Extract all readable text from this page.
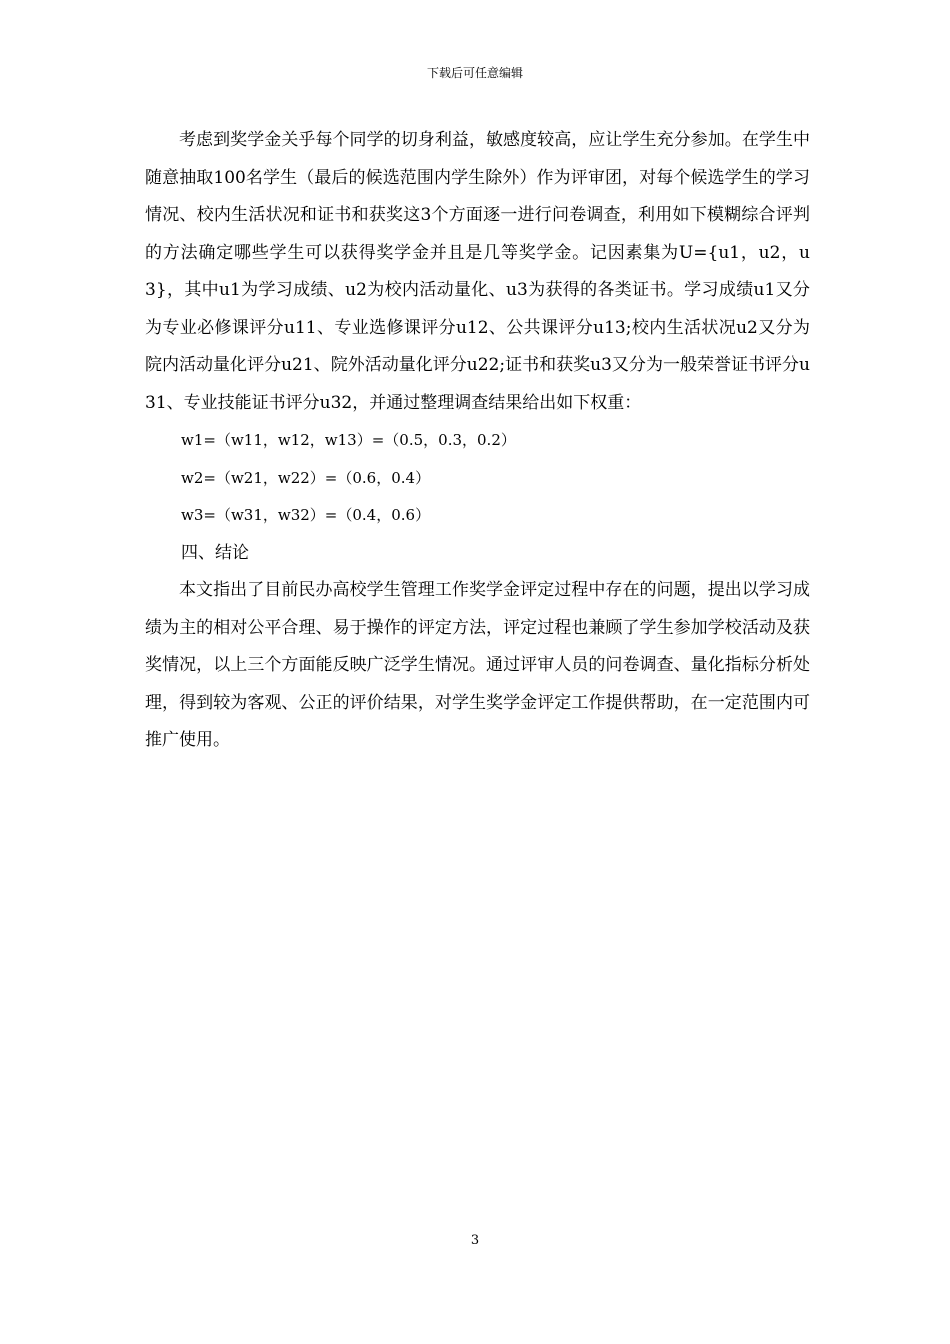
下载后可任意编辑

考虑到奖学金关乎每个同学的切身利益，敏感度较高，应让学生充分参加。在学生中随意抽取100名学生（最后的候选范围内学生除外）作为评审团，对每个候选学生的学习情况、校内生活状况和证书和获奖这3个方面逐一进行问卷调查，利用如下模糊综合评判的方法确定哪些学生可以获得奖学金并且是几等奖学金。记因素集为U={u1，u2，u3}，其中u1为学习成绩、u2为校内活动量化、u3为获得的各类证书。学习成绩u1又分为专业必修课评分u11、专业选修课评分u12、公共课评分u13;校内生活状况u2又分为院内活动量化评分u21、院外活动量化评分u22;证书和获奖u3又分为一般荣誉证书评分u31、专业技能证书评分u32，并通过整理调查结果给出如下权重：

w1=（w11，w12，w13）=（0.5，0.3，0.2）

w2=（w21，w22）=（0.6，0.4）

w3=（w31，w32）=（0.4，0.6）

四、结论

本文指出了目前民办高校学生管理工作奖学金评定过程中存在的问题，提出以学习成绩为主的相对公平合理、易于操作的评定方法，评定过程也兼顾了学生参加学校活动及获奖情况，以上三个方面能反映广泛学生情况。通过评审人员的问卷调查、量化指标分析处理，得到较为客观、公正的评价结果，对学生奖学金评定工作提供帮助，在一定范围内可推广使用。

3
